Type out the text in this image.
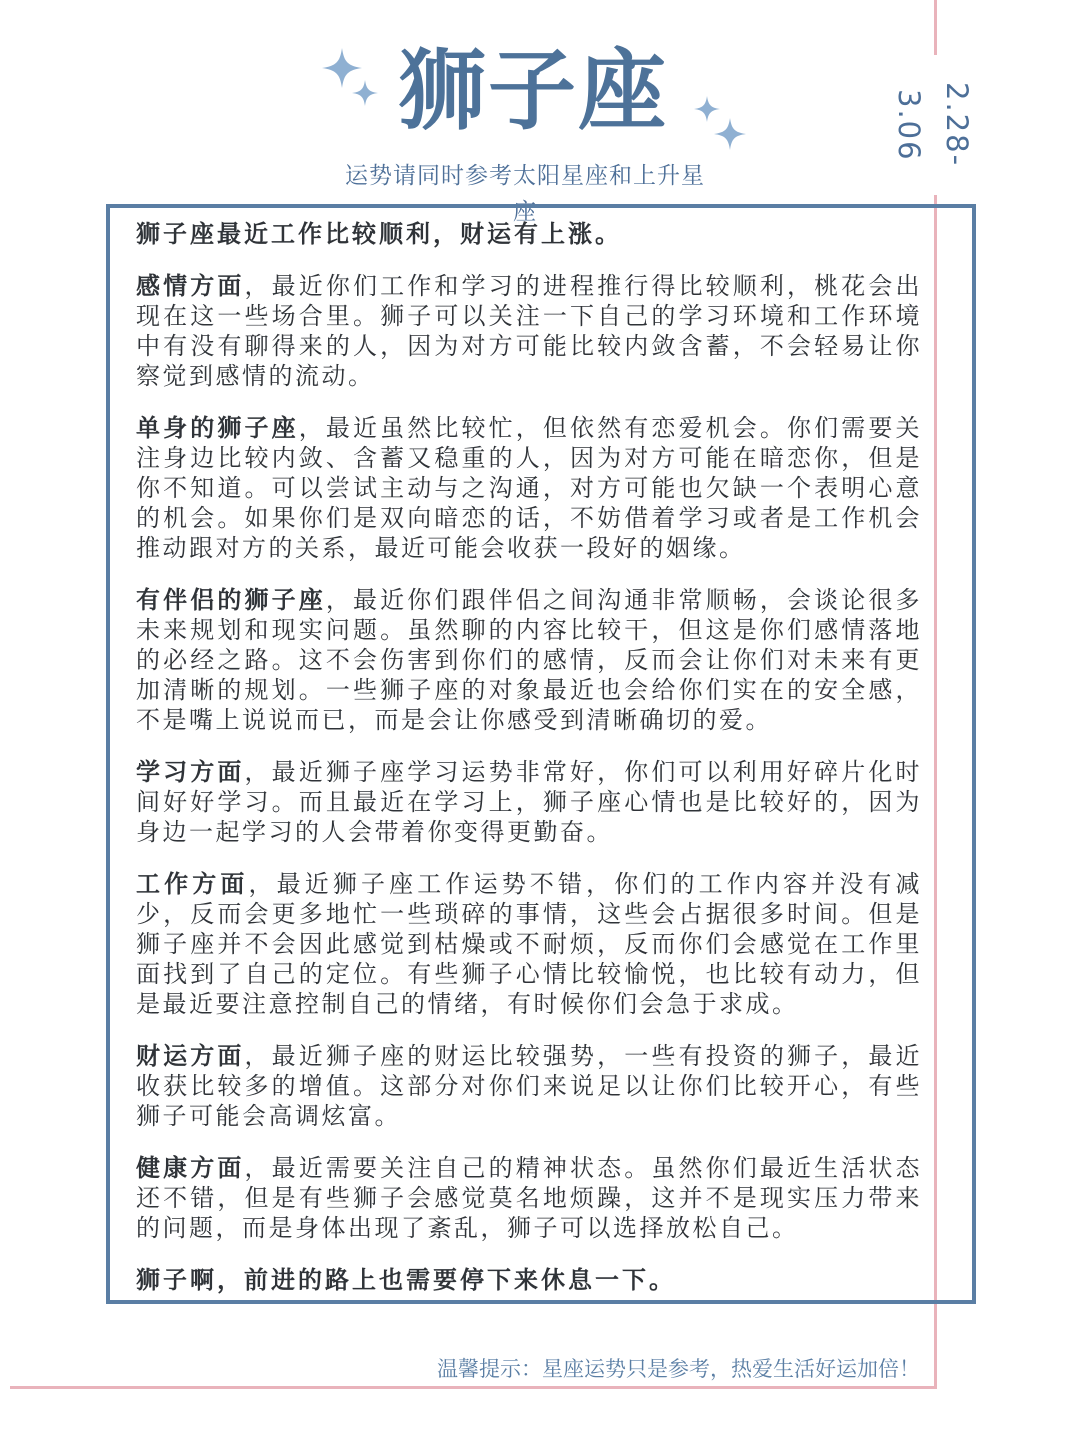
2.28-3.06
狮子座
运势请同时参考太阳星座和上升星座

狮子座最近工作比较顺利，财运有上涨。

感情方面，最近你们工作和学习的进程推行得比较顺利，桃花会出现在这一些场合里。狮子可以关注一下自己的学习环境和工作环境中有没有聊得来的人，因为对方可能比较内敛含蓄，不会轻易让你察觉到感情的流动。

单身的狮子座，最近虽然比较忙，但依然有恋爱机会。你们需要关注身边比较内敛、含蓄又稳重的人，因为对方可能在暗恋你，但是你不知道。可以尝试主动与之沟通，对方可能也欠缺一个表明心意的机会。如果你们是双向暗恋的话，不妨借着学习或者是工作机会推动跟对方的关系，最近可能会收获一段好的姻缘。

有伴侣的狮子座，最近你们跟伴侣之间沟通非常顺畅，会谈论很多未来规划和现实问题。虽然聊的内容比较干，但这是你们感情落地的必经之路。这不会伤害到你们的感情，反而会让你们对未来有更加清晰的规划。一些狮子座的对象最近也会给你们实在的安全感，不是嘴上说说而已，而是会让你感受到清晰确切的爱。

学习方面，最近狮子座学习运势非常好，你们可以利用好碎片化时间好好学习。而且最近在学习上，狮子座心情也是比较好的，因为身边一起学习的人会带着你变得更勤奋。

工作方面，最近狮子座工作运势不错，你们的工作内容并没有减少，反而会更多地忙一些琐碎的事情，这些会占据很多时间。但是狮子座并不会因此感觉到枯燥或不耐烦，反而你们会感觉在工作里面找到了自己的定位。有些狮子心情比较愉悦，也比较有动力，但是最近要注意控制自己的情绪，有时候你们会急于求成。

财运方面，最近狮子座的财运比较强势，一些有投资的狮子，最近收获比较多的增值。这部分对你们来说足以让你们比较开心，有些狮子可能会高调炫富。

健康方面，最近需要关注自己的精神状态。虽然你们最近生活状态还不错，但是有些狮子会感觉莫名地烦躁，这并不是现实压力带来的问题，而是身体出现了紊乱，狮子可以选择放松自己。

狮子啊，前进的路上也需要停下来休息一下。

温馨提示：星座运势只是参考，热爱生活好运加倍！
